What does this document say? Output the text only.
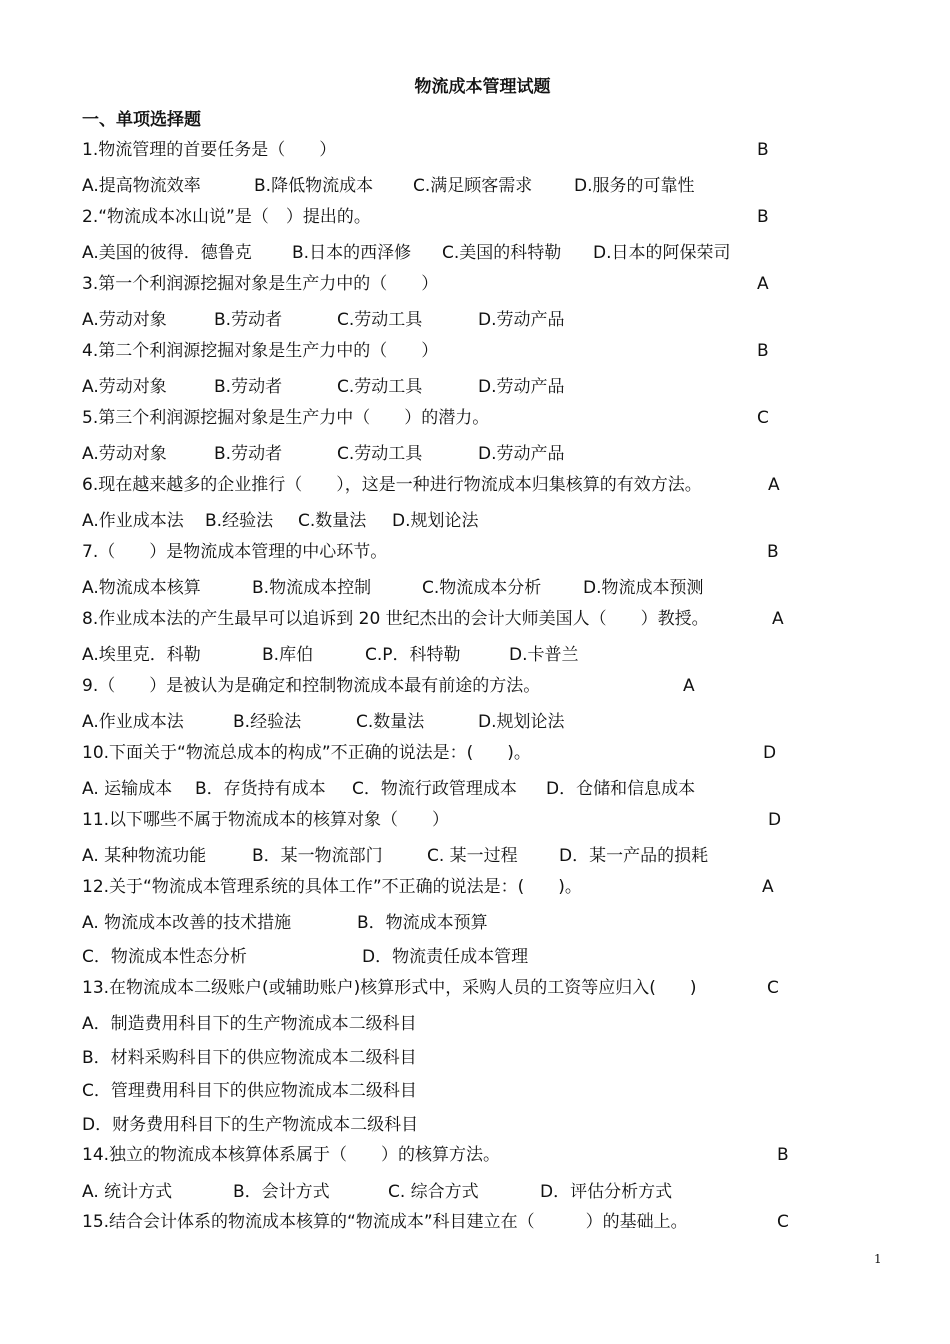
物流成本管理试题
一、单项选择题
1.物流管理的首要任务是（　　）	B
A.提高物流效率	B.降低物流成本 C.满足顾客需求 D.服务的可靠性
2.“物流成本冰山说”是（　）提出的。	B
A.美国的彼得．德鲁克 B.日本的西泽修 C.美国的科特勒 D.日本的阿保荣司
3.第一个利润源挖掘对象是生产力中的（　　）	A
A.劳动对象	B.劳动者	C.劳动工具	D.劳动产品
4.第二个利润源挖掘对象是生产力中的（　　）	B
A.劳动对象	B.劳动者	C.劳动工具	D.劳动产品
5.第三个利润源挖掘对象是生产力中（　　）的潜力。	C
A.劳动对象	B.劳动者	C.劳动工具	D.劳动产品
6.现在越来越多的企业推行（　　），这是一种进行物流成本归集核算的有效方法。	A
A.作业成本法 B.经验法 C.数量法 D.规划论法
7.（　　）是物流成本管理的中心环节。	B
A.物流成本核算	B.物流成本控制	C.物流成本分析 D.物流成本预测
8.作业成本法的产生最早可以追诉到 20 世纪杰出的会计大师美国人（　　）教授。	A
A.埃里克．科勒	B.库伯	C.P．科特勒	D.卡普兰
9.（　　）是被认为是确定和控制物流成本最有前途的方法。	A
A.作业成本法	B.经验法	C.数量法	D.规划论法
10.下面关于“物流总成本的构成”不正确的说法是：(　　)。	D
A. 运输成本 B．存货持有成本 C．物流行政管理成本 D．仓储和信息成本
11.以下哪些不属于物流成本的核算对象（　　）	D
A. 某种物流功能	B．某一物流部门	C. 某一过程 D．某一产品的损耗
12.关于“物流成本管理系统的具体工作”不正确的说法是：(　　)。	A
A. 物流成本改善的技术措施	B．物流成本预算
C．物流成本性态分析	D．物流责任成本管理
13.在物流成本二级账户(或辅助账户)核算形式中，采购人员的工资等应归入(　　)	C
A．制造费用科目下的生产物流成本二级科目
B．材料采购科目下的供应物流成本二级科目
C．管理费用科目下的供应物流成本二级科目
D．财务费用科目下的生产物流成本二级科目
14.独立的物流成本核算体系属于（　　）的核算方法。	B
A. 统计方式	B．会计方式	C. 综合方式	D．评估分析方式
15.结合会计体系的物流成本核算的“物流成本”科目建立在（　　　）的基础上。	C
1
